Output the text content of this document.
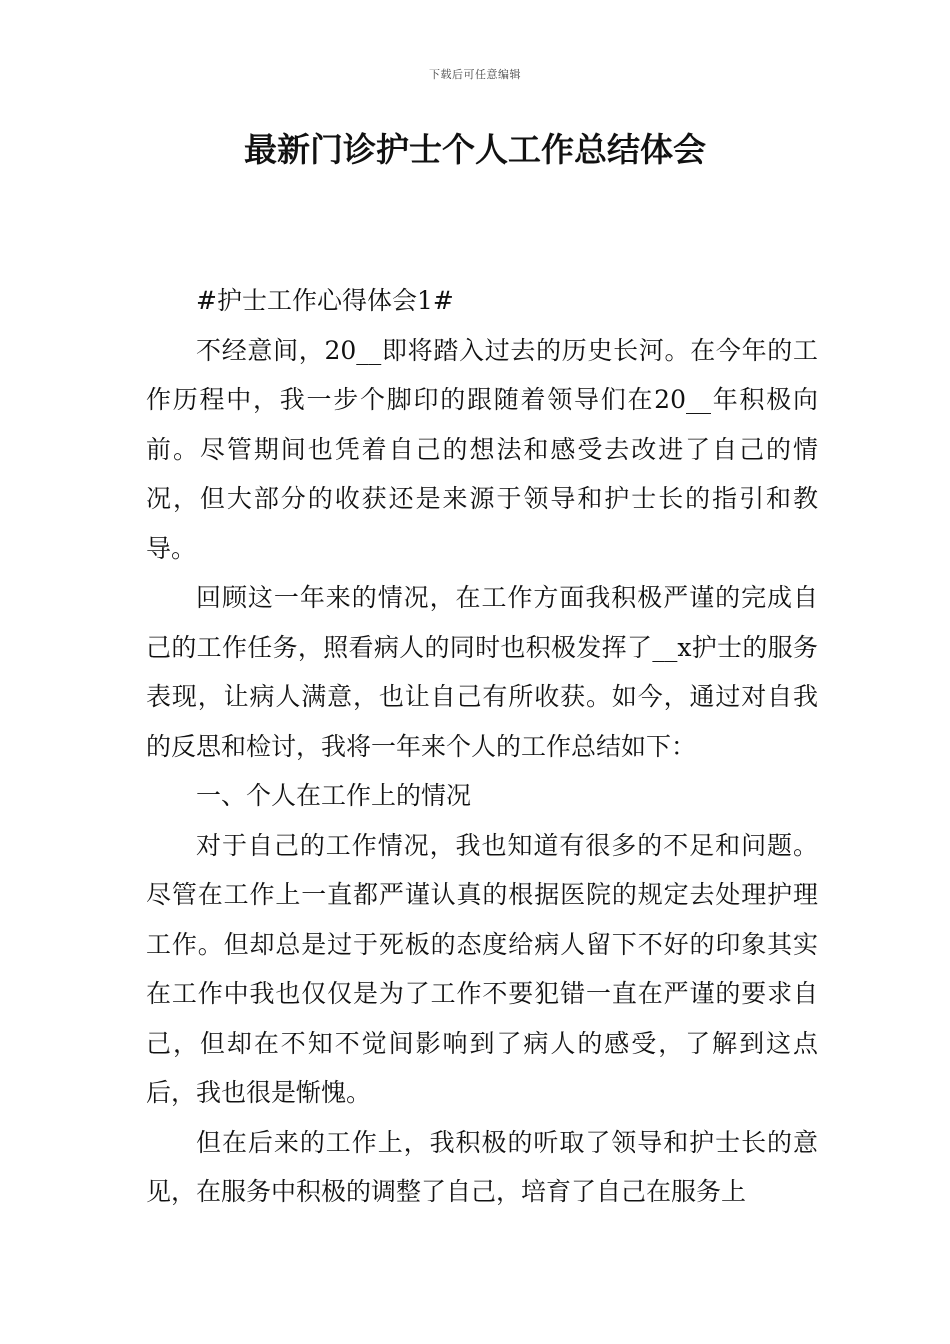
下载后可任意编辑
最新门诊护士个人工作总结体会

#护士工作心得体会1#

不经意间，20__即将踏入过去的历史长河。在今年的工作历程中，我一步个脚印的跟随着领导们在20__年积极向前。尽管期间也凭着自己的想法和感受去改进了自己的情况，但大部分的收获还是来源于领导和护士长的指引和教导。

回顾这一年来的情况，在工作方面我积极严谨的完成自己的工作任务，照看病人的同时也积极发挥了__x护士的服务表现，让病人满意，也让自己有所收获。如今，通过对自我的反思和检讨，我将一年来个人的工作总结如下：

一、个人在工作上的情况

对于自己的工作情况，我也知道有很多的不足和问题。尽管在工作上一直都严谨认真的根据医院的规定去处理护理工作。但却总是过于死板的态度给病人留下不好的印象其实在工作中我也仅仅是为了工作不要犯错一直在严谨的要求自己，但却在不知不觉间影响到了病人的感受，了解到这点后，我也很是惭愧。

但在后来的工作上，我积极的听取了领导和护士长的意见，在服务中积极的调整了自己，培育了自己在服务上
